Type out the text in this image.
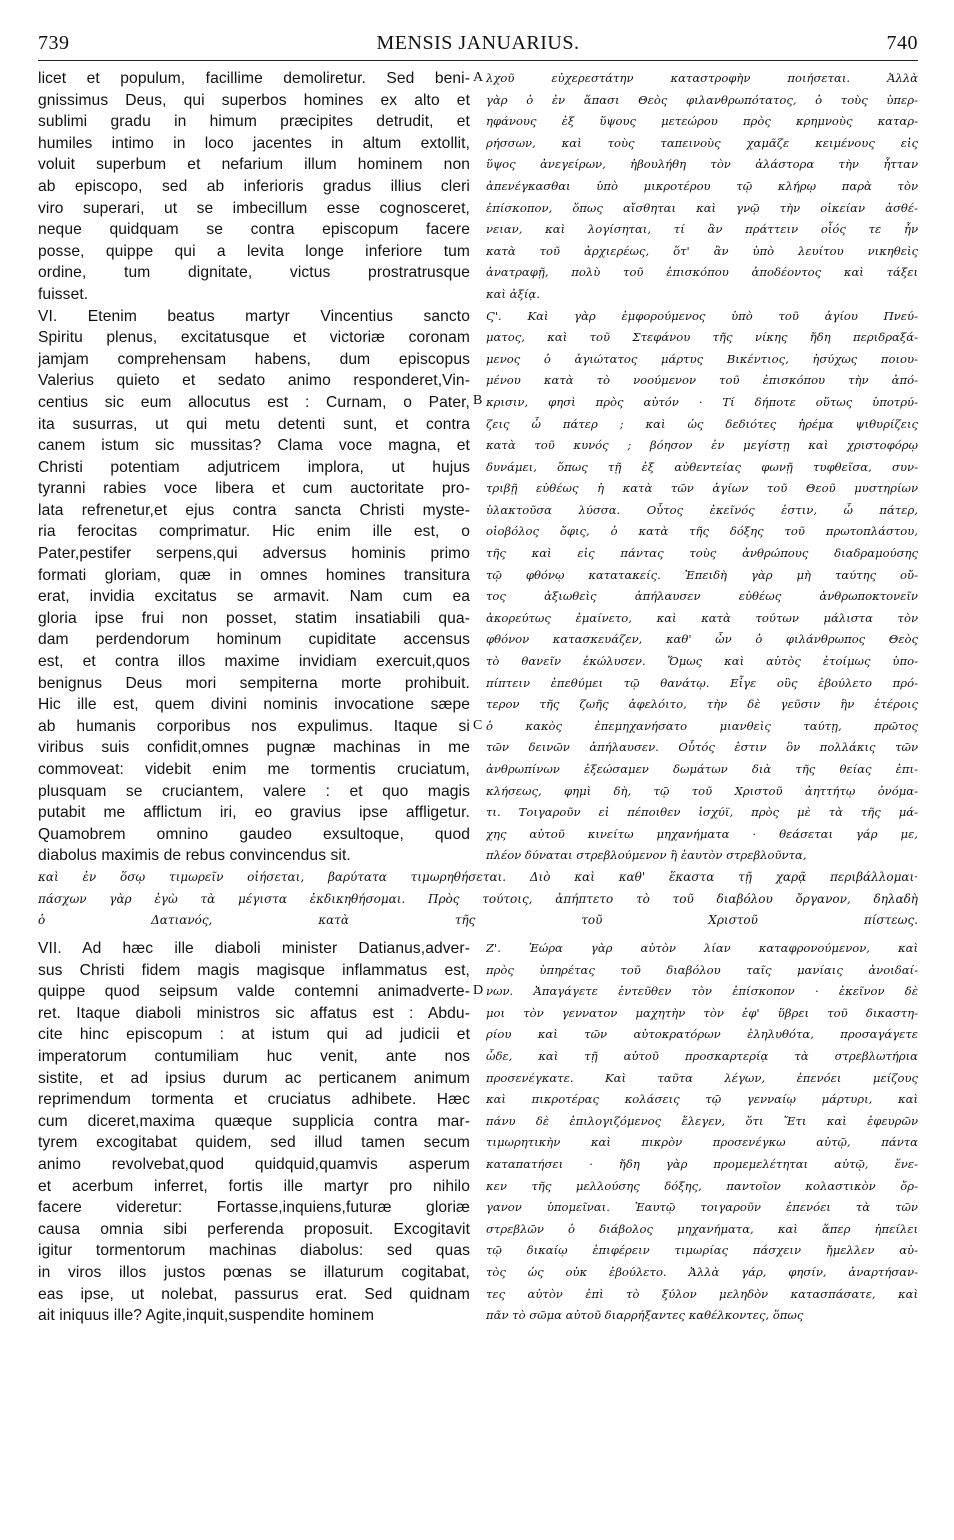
739	MENSIS JANUARIUS.	740
licet et populum, facillime demoliretur. Sed beni-
gnissimus Deus, qui superbos homines ex alto et
sublimi gradu in himum præcipites detrudit, et
humiles intimo in loco jacentes in altum extollit,
voluit superbum et nefarium illum hominem non
ab episcopo, sed ab inferioris gradus illius cleri
viro superari, ut se imbecillum esse cognosceret,
neque quidquam se contra episcopum facere
posse, quippe qui a levita longe inferiore tum
ordine, tum dignitate, victus prostratrusque
fuisset.
VI. Etenim beatus martyr Vincentius sancto
Spiritu plenus, excitatusque et victoriæ coronam
jamjam comprehensam habens, dum episcopus
Valerius quieto et sedato animo responderet,Vin-
centius sic eum allocutus est : Curnam, o Pater,
ita susurras, ut qui metu detenti sunt, et contra
canem istum sic mussitas? Clama voce magna, et
Christi potentiam adjutricem implora, ut hujus
tyranni rabies voce libera et cum auctoritate pro-
lata refrenetur,et ejus contra sancta Christi myste-
ria ferocitas comprimatur. Hic enim ille est, o
Pater,pestifer serpens,qui adversus hominis primo
formati gloriam, quæ in omnes homines transitura
erat, invidia excitatus se armavit. Nam cum ea
gloria ipse frui non posset, statim insatiabili qua-
dam perdendorum hominum cupiditate accensus
est, et contra illos maxime invidiam exercuit,quos
benignus Deus mori sempiterna morte prohibuit.
Hic ille est, quem divini nominis invocatione sæpe
ab humanis corporibus nos expulimus. Itaque si
viribus suis confidit,omnes pugnæ machinas in me
commoveat: videbit enim me tormentis cruciatum,
plusquam se cruciantem, valere : et quo magis
putabit me afflictum iri, eo gravius ipse affligetur.
Quamobrem omnino gaudeo exsultoque, quod
diabolus maximis de rebus convincendus sit.
λχοῦ εὐχερεστάτην καταστροφὴν ποιήσεται. Ἀλλὰ
γὰρ ὁ ἐν ἅπασι Θεὸς φιλανθρωπότατος, ὁ τοὺς ὑπερ-
ηφάνους ἐξ ὕψους μετεώρου πρὸς κρημνοὺς καταρ-
ρήσσων, καὶ τοὺς ταπεινοὺς χαμᾶζε κειμένους εἰς
ὕψος ἀνεγείρων, ἠβουλήθη τὸν ἀλάστορα τὴν ἧτταν
ἀπενέγκασθαι ὑπὸ μικροτέρου τῷ κλήρῳ παρὰ τὸν
ἐπίσκοπον, ὅπως αἴσθηται καὶ γνῷ τὴν οἰκείαν ἀσθέ-
νειαν, καὶ λογίσηται, τί ἂν πράττειν οἷός τε ἦν
κατὰ τοῦ ἀρχιερέως, ὅτ' ἂν ὑπὸ λευίτου νικηθεὶς
ἀνατραφῇ, πολὺ τοῦ ἐπισκόπου ἀποδέοντος καὶ τάξει
καὶ ἀξίᾳ.
Ϛ'. Καὶ γὰρ ἐμφορούμενος ὑπὸ τοῦ ἁγίου Πνεύ-
ματος, καὶ τοῦ Στεφάνου τῆς νίκης ἤδη περιδραξά-
μενος ὁ ἁγιώτατος μάρτυς Βικέντιος, ἡσύχως ποιου-
μένου κατὰ τὸ νοούμενον τοῦ ἐπισκόπου τὴν ἀπό-
κρισιν, φησὶ πρὸς αὐτόν · Τί δήποτε οὕτως ὑποτρύ-
ζεις ὦ πάτερ ; καὶ ὡς δεδιότες ἠρέμα ψιθυρίζεις
κατὰ τοῦ κυνός ; βόησον ἐν μεγίστῃ καὶ χριστοφόρῳ
δυνάμει, ὅπως τῇ ἐξ αὐθεντείας φωνῇ τυφθεῖσα, συν-
τριβῇ εὐθέως ἡ κατὰ τῶν ἁγίων τοῦ Θεοῦ μυστηρίων
ὑλακτοῦσα λύσσα. Οὗτος ἐκεῖνός ἐστιν, ὦ πάτερ,
οἰοβόλος ὄφις, ὁ κατὰ τῆς δόξης τοῦ πρωτοπλάστου,
τῆς καὶ εἰς πάντας τοὺς ἀνθρώπους διαδραμούσης
τῷ φθόνῳ κατατακείς. Ἐπειδὴ γὰρ μὴ ταύτης οὔ-
τος ἀξιωθεὶς ἀπήλαυσεν εὐθέως ἀνθρωποκτονεῖν
ἀκορεύτως ἐμαίνετο, καὶ κατὰ τούτων μάλιστα τὸν
φθόνον κατασκευάζεν, καθ' ὧν ὁ φιλάνθρωπος Θεὸς
τὸ θανεῖν ἐκώλυσεν. Ὅμως καὶ αὐτὸς ἑτοίμως ὑπο-
πίπτειν ἐπεθύμει τῷ θανάτῳ. Εἶγε οὓς ἐβούλετο πρό-
τερον τῆς ζωῆς ἀφελόιτο, τὴν δὲ γεῦσιν ἣν ἑτέροις
ὁ κακὸς ἐπεμηχανήσατο μιανθεὶς ταύτῃ, πρῶτος
τῶν δεινῶν ἀπήλαυσεν. Οὗτός ἐστιν ὃν πολλάκις τῶν
ἀνθρωπίνων ἐξεώσαμεν δωμάτων διὰ τῆς θείας ἐπι-
κλήσεως, φημὶ δὴ, τῷ τοῦ Χριστοῦ ἀηττήτῳ ὀνόμα-
τι. Τοιγαροῦν εἰ πέποιθεν ἰσχύϊ, πρὸς μὲ τὰ τῆς μά-
χης αὐτοῦ κινείτω μηχανήματα · θεάσεται γάρ με,
πλέον δύναται στρεβλούμενον ἢ ἑαυτὸν στρεβλοῦντα,
καὶ ἐν ὅσῳ τιμωρεῖν οἰήσεται, βαρύτατα τιμωρηθήσεται. Διὸ καὶ καθ' ἕκαστα τῇ χαρᾷ περιβάλλομαι·
πάσχων γὰρ ἐγὼ τὰ μέγιστα ἐκδικηθήσομαι. Πρὸς τούτοις, ἀπήπτετο τὸ τοῦ διαβόλου ὄργανον, δηλαδὴ
ὁ Δατιανός, κατὰ τῆς τοῦ Χριστοῦ πίστεως.
VII. Ad hæc ille diaboli minister Datianus,adver-
sus Christi fidem magis magisque inflammatus est,
quippe quod seipsum valde contemni animadverte-
ret. Itaque diaboli ministros sic affatus est : Abdu-
cite hinc episcopum : at istum qui ad judicii et
imperatorum contumiliam huc venit, ante nos
sistite, et ad ipsius durum ac perticanem animum
reprimendum tormenta et cruciatus adhibete. Hæc
cum diceret,maxima quæque supplicia contra mar-
tyrem excogitabat quidem, sed illud tamen secum
animo revolvebat,quod quidquid,quamvis asperum
et acerbum inferret, fortis ille martyr pro nihilo
facere videretur: Fortasse,inquiens,futuræ gloriæ
causa omnia sibi perferenda proposuit. Excogitavit
igitur tormentorum machinas diabolus: sed quas
in viros illos justos pœnas se illaturum cogitabat,
eas ipse, ut nolebat, passurus erat. Sed quidnam
ait iniquus ille? Agite,inquit,suspendite hominem
Ζ'. Ἑώρα γὰρ αὐτὸν λίαν καταφρονούμενον, καὶ
πρὸς ὑπηρέτας τοῦ διαβόλου ταῖς μανίαις ἀνοιδαί-
νων. Ἀπαγάγετε ἐντεῦθεν τὸν ἐπίσκοπον · ἐκεῖνον δὲ
μοι τὸν γεννατον μαχητὴν τὸν ἐφ' ὕβρει τοῦ δικαστη-
ρίου καὶ τῶν αὐτοκρατόρων ἐληλυθότα, προσαγάγετε
ὧδε, καὶ τῇ αὐτοῦ προσκαρτερίᾳ τὰ στρεβλωτήρια
προσενέγκατε. Καὶ ταῦτα λέγων, ἐπενόει μείζους
καὶ πικροτέρας κολάσεις τῷ γενναίῳ μάρτυρι, καὶ
πάνυ δὲ ἐπιλογιζόμενος ἔλεγεν, ὅτι Ἔτι καὶ ἐφευρῶν
τιμωρητικὴν καὶ πικρὸν προσενέγκω αὐτῷ, πάντα
καταπατήσει · ἤδη γὰρ προμεμελέτηται αὐτῷ, ἕνε-
κεν τῆς μελλούσης δόξης, παντοῖον κολαστικὸν ὄρ-
γανον ὑπομεῖναι. Ἑαυτῷ τοιγαροῦν ἐπενόει τὰ τῶν
στρεβλῶν ὁ διάβολος μηχανήματα, καὶ ἅπερ ἠπείλει
τῷ δικαίῳ ἐπιφέρειν τιμωρίας πάσχειν ἤμελλεν αὐ-
τὸς ὡς οὐκ ἐβούλετο. Ἀλλὰ γάρ, φησίν, ἀναρτήσαν-
τες αὐτὸν ἐπὶ τὸ ξύλον μεληδὸν κατασπάσατε, καὶ
πᾶν τὸ σῶμα αὐτοῦ διαρρήξαντες καθέλκοντες, ὅπως
A
B
C
D
